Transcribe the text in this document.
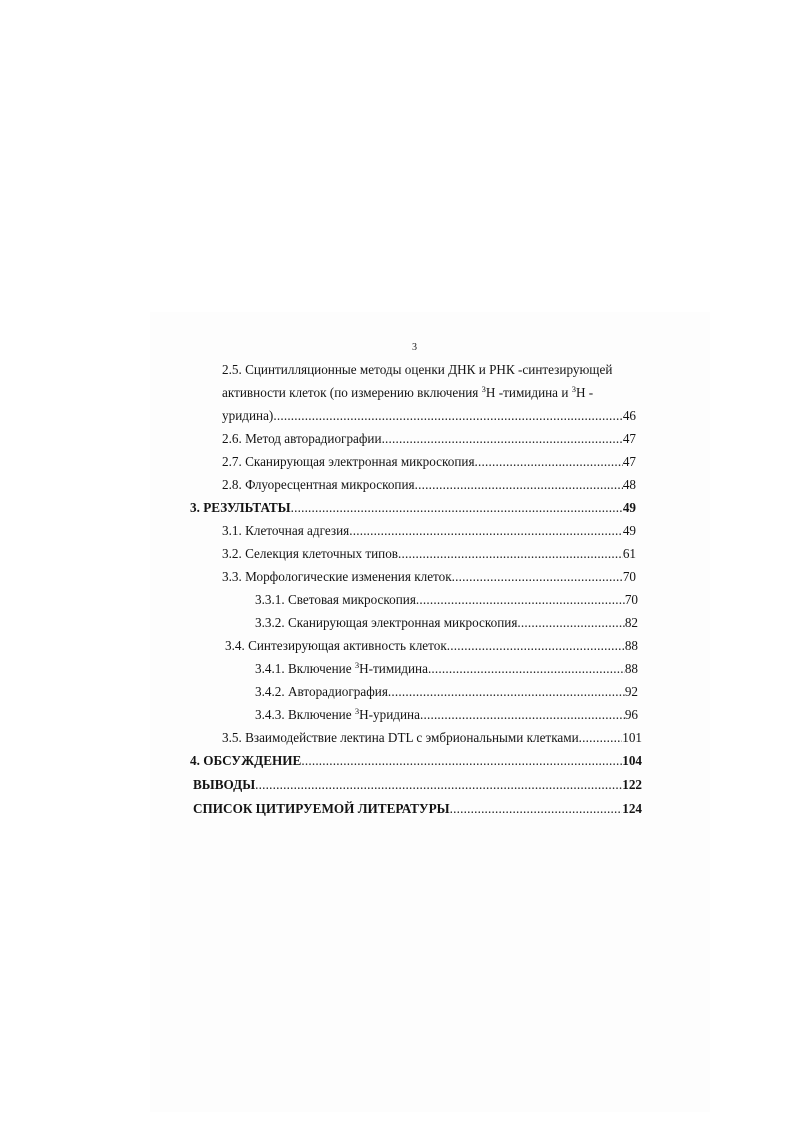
3
2.5. Сцинтилляционные методы оценки ДНК и РНК -синтезирующей
активности клеток (по измерению включения $^3$Н -тимидина и $^3$Н -
уридина) .....	46
2.6. Метод авторадиографии .....	47
2.7. Сканирующая электронная микроскопия .....	47
2.8. Флуоресцентная микроскопия .....	48
3. РЕЗУЛЬТАТЫ .....	49
3.1. Клеточная адгезия .....	49
3.2. Селекция клеточных типов .....	61
3.3. Морфологические изменения клеток .....	70
3.3.1. Световая микроскопия .....	70
3.3.2. Сканирующая электронная микроскопия .....	82
3.4. Синтезирующая активность клеток .....	88
3.4.1. Включение $^3$Н-тимидина .....	88
3.4.2. Авторадиография .....	92
3.4.3. Включение $^3$Н-уридина .....	96
3.5. Взаимодействие лектина DTL с эмбриональными клетками .....	101
4. ОБСУЖДЕНИЕ .....	104
ВЫВОДЫ .....	122
СПИСОК ЦИТИРУЕМОЙ ЛИТЕРАТУРЫ .....	124
